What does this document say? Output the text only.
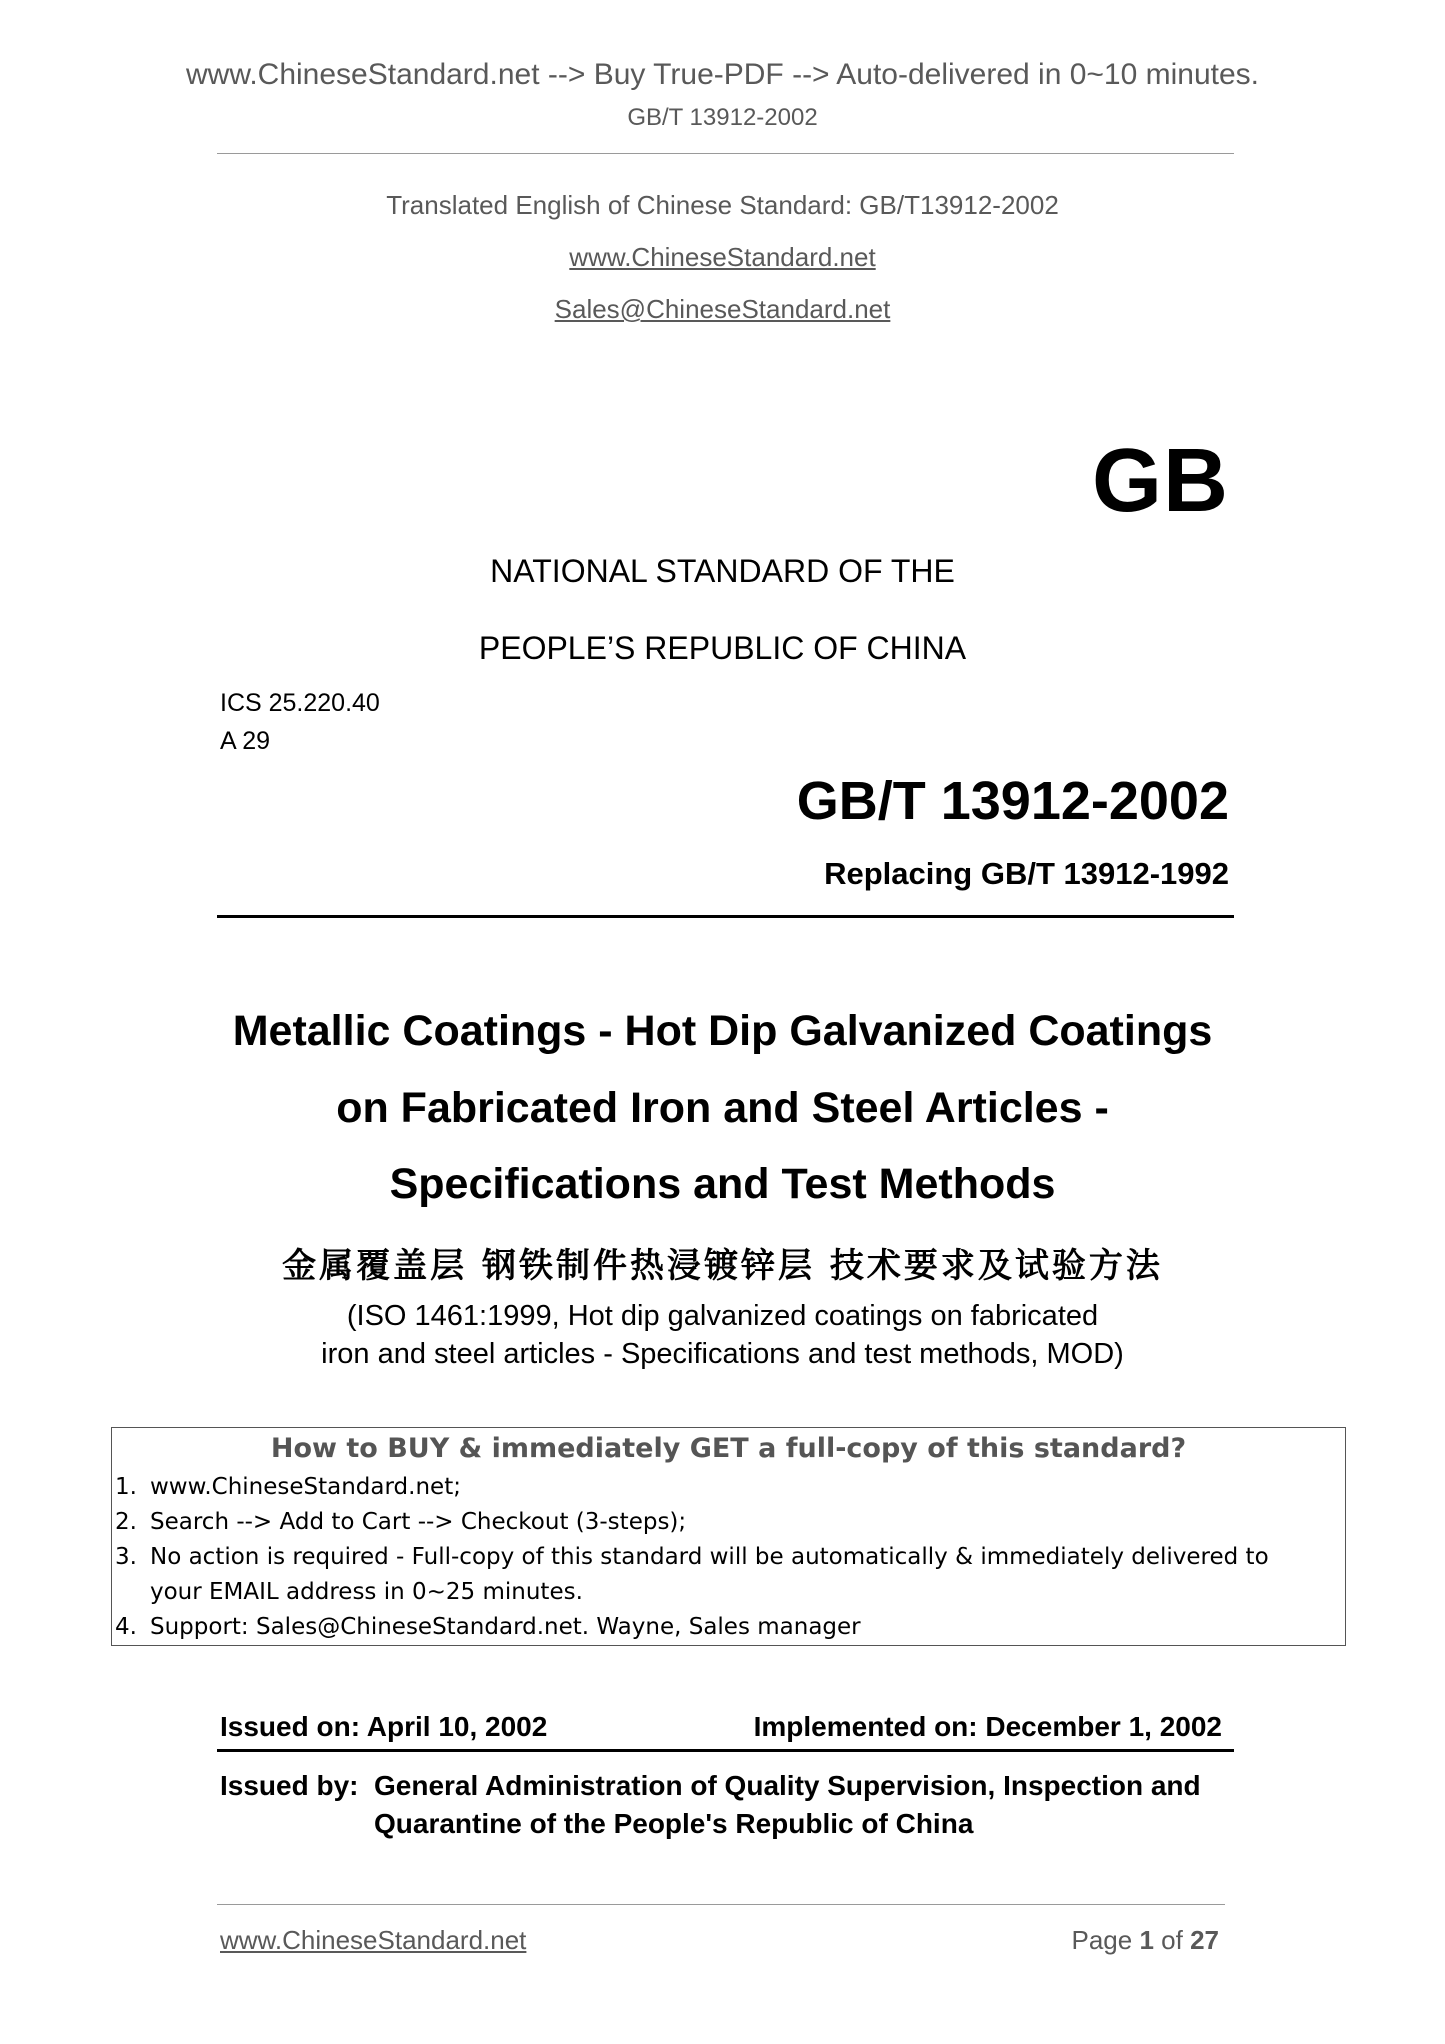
www.ChineseStandard.net --> Buy True-PDF --> Auto-delivered in 0~10 minutes.
GB/T 13912-2002
Translated English of Chinese Standard: GB/T13912-2002
www.ChineseStandard.net
Sales@ChineseStandard.net
GB
NATIONAL STANDARD OF THE
PEOPLE’S REPUBLIC OF CHINA
ICS 25.220.40
A 29
GB/T 13912-2002
Replacing GB/T 13912-1992
Metallic Coatings - Hot Dip Galvanized Coatings
on Fabricated Iron and Steel Articles -
Specifications and Test Methods
金属覆盖层 钢铁制件热浸镀锌层 技术要求及试验方法
(ISO 1461:1999, Hot dip galvanized coatings on fabricated
iron and steel articles - Specifications and test methods, MOD)
How to BUY & immediately GET a full-copy of this standard?
1. www.ChineseStandard.net;
2. Search --> Add to Cart --> Checkout (3-steps);
3. No action is required - Full-copy of this standard will be automatically & immediately delivered to
your EMAIL address in 0~25 minutes.
4. Support: Sales@ChineseStandard.net. Wayne, Sales manager
Issued on: April 10, 2002	Implemented on: December 1, 2002
Issued by: General Administration of Quality Supervision, Inspection and
Quarantine of the People's Republic of China
www.ChineseStandard.net	Page 1 of 27
